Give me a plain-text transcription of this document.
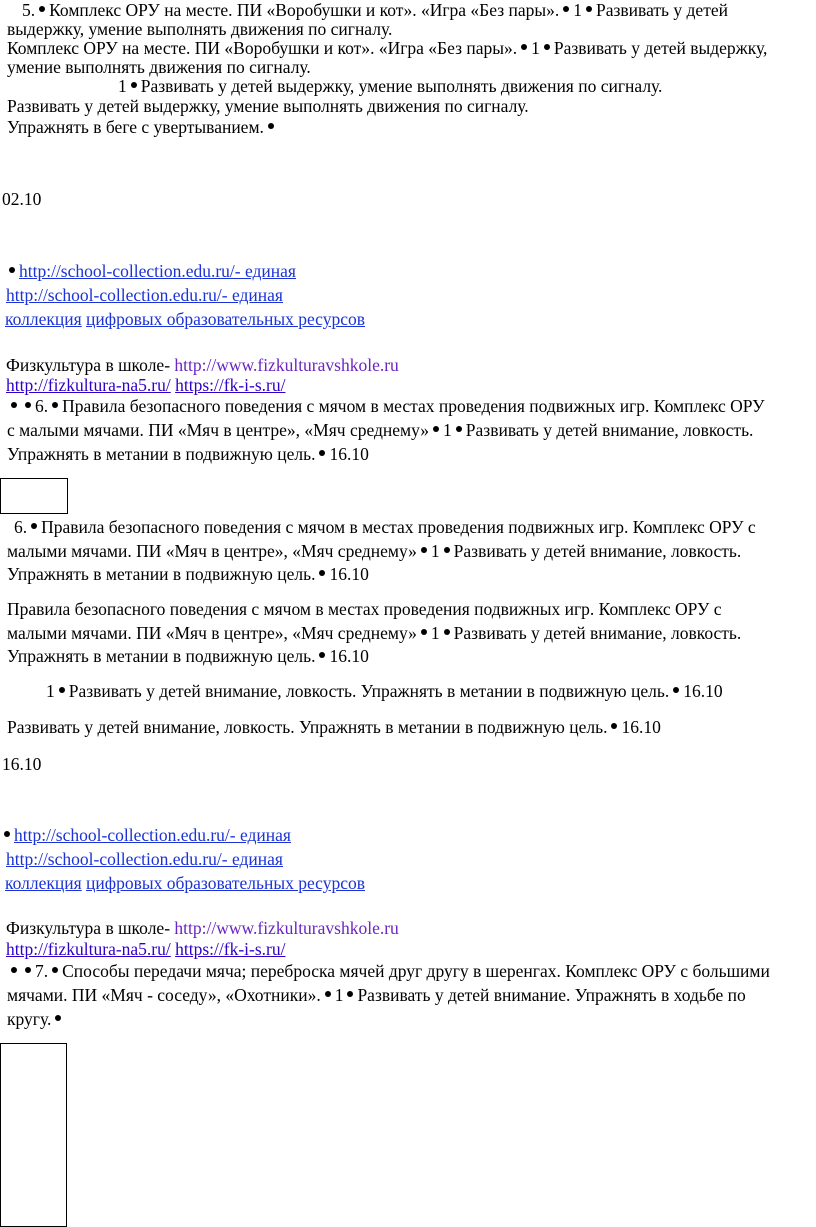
5. Комплекс ОРУ на месте. ПИ «Воробушки и кот». «Игра «Без пары». 1 Развивать у детей
выдержку, умение выполнять движения по сигналу.
Комплекс ОРУ на месте. ПИ «Воробушки и кот». «Игра «Без пары». 1 Развивать у детей выдержку,
умение выполнять движения по сигналу.
1 Развивать у детей выдержку, умение выполнять движения по сигналу.
Развивать у детей выдержку, умение выполнять движения по сигналу.
Упражнять в беге с увертыванием.
02.10
http://school-collection.edu.ru/- единая
http://school-collection.edu.ru/- единая
коллекция цифровых образовательных ресурсов
Физкультура в школе- http://www.fizkulturavshkole.ru
http://fizkultura-na5.ru/ https://fk-i-s.ru/
6. Правила безопасного поведения с мячом в местах проведения подвижных игр. Комплекс ОРУ
с малыми мячами. ПИ «Мяч в центре», «Мяч среднему» 1 Развивать у детей внимание, ловкость.
Упражнять в метании в подвижную цель. 16.10
6. Правила безопасного поведения с мячом в местах проведения подвижных игр. Комплекс ОРУ с
малыми мячами. ПИ «Мяч в центре», «Мяч среднему» 1 Развивать у детей внимание, ловкость.
Упражнять в метании в подвижную цель. 16.10
Правила безопасного поведения с мячом в местах проведения подвижных игр. Комплекс ОРУ с
малыми мячами. ПИ «Мяч в центре», «Мяч среднему» 1 Развивать у детей внимание, ловкость.
Упражнять в метании в подвижную цель. 16.10
1 Развивать у детей внимание, ловкость. Упражнять в метании в подвижную цель. 16.10
Развивать у детей внимание, ловкость. Упражнять в метании в подвижную цель. 16.10
16.10
http://school-collection.edu.ru/- единая
http://school-collection.edu.ru/- единая
коллекция цифровых образовательных ресурсов
Физкультура в школе- http://www.fizkulturavshkole.ru
http://fizkultura-na5.ru/ https://fk-i-s.ru/
7. Способы передачи мяча; переброска мячей друг другу в шеренгах. Комплекс ОРУ с большими
мячами. ПИ «Мяч - соседу», «Охотники». 1 Развивать у детей внимание. Упражнять в ходьбе по
кругу.
